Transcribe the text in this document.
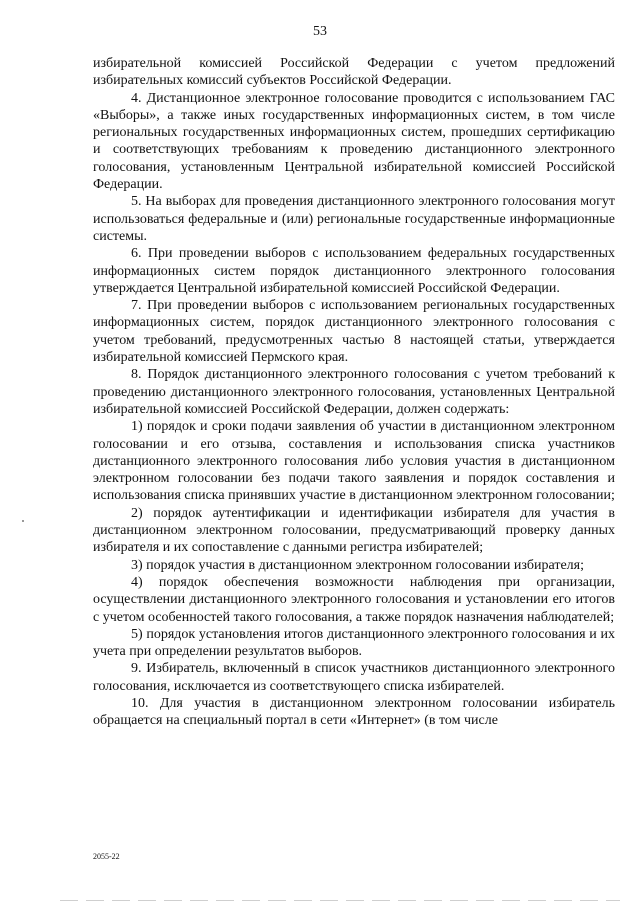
53

избирательной комиссией Российской Федерации с учетом предложений избирательных комиссий субъектов Российской Федерации.

4. Дистанционное электронное голосование проводится с использованием ГАС «Выборы», а также иных государственных информационных систем, в том числе региональных государственных информационных систем, прошедших сертификацию и соответствующих требованиям к проведению дистанционного электронного голосования, установленным Центральной избирательной комиссией Российской Федерации.

5. На выборах для проведения дистанционного электронного голосования могут использоваться федеральные и (или) региональные государственные информационные системы.

6. При проведении выборов с использованием федеральных государственных информационных систем порядок дистанционного электронного голосования утверждается Центральной избирательной комиссией Российской Федерации.

7. При проведении выборов с использованием региональных государственных информационных систем, порядок дистанционного электронного голосования с учетом требований, предусмотренных частью 8 настоящей статьи, утверждается избирательной комиссией Пермского края.

8. Порядок дистанционного электронного голосования с учетом требований к проведению дистанционного электронного голосования, установленных Центральной избирательной комиссией Российской Федерации, должен содержать:

1) порядок и сроки подачи заявления об участии в дистанционном электронном голосовании и его отзыва, составления и использования списка участников дистанционного электронного голосования либо условия участия в дистанционном электронном голосовании без подачи такого заявления и порядок составления и использования списка принявших участие в дистанционном электронном голосовании;

2) порядок аутентификации и идентификации избирателя для участия в дистанционном электронном голосовании, предусматривающий проверку данных избирателя и их сопоставление с данными регистра избирателей;

3) порядок участия в дистанционном электронном голосовании избирателя;

4) порядок обеспечения возможности наблюдения при организации, осуществлении дистанционного электронного голосования и установлении его итогов с учетом особенностей такого голосования, а также порядок назначения наблюдателей;

5) порядок установления итогов дистанционного электронного голосования и их учета при определении результатов выборов.

9. Избиратель, включенный в список участников дистанционного электронного голосования, исключается из соответствующего списка избирателей.

10. Для участия в дистанционном электронном голосовании избиратель обращается на специальный портал в сети «Интернет» (в том числе

2055-22
